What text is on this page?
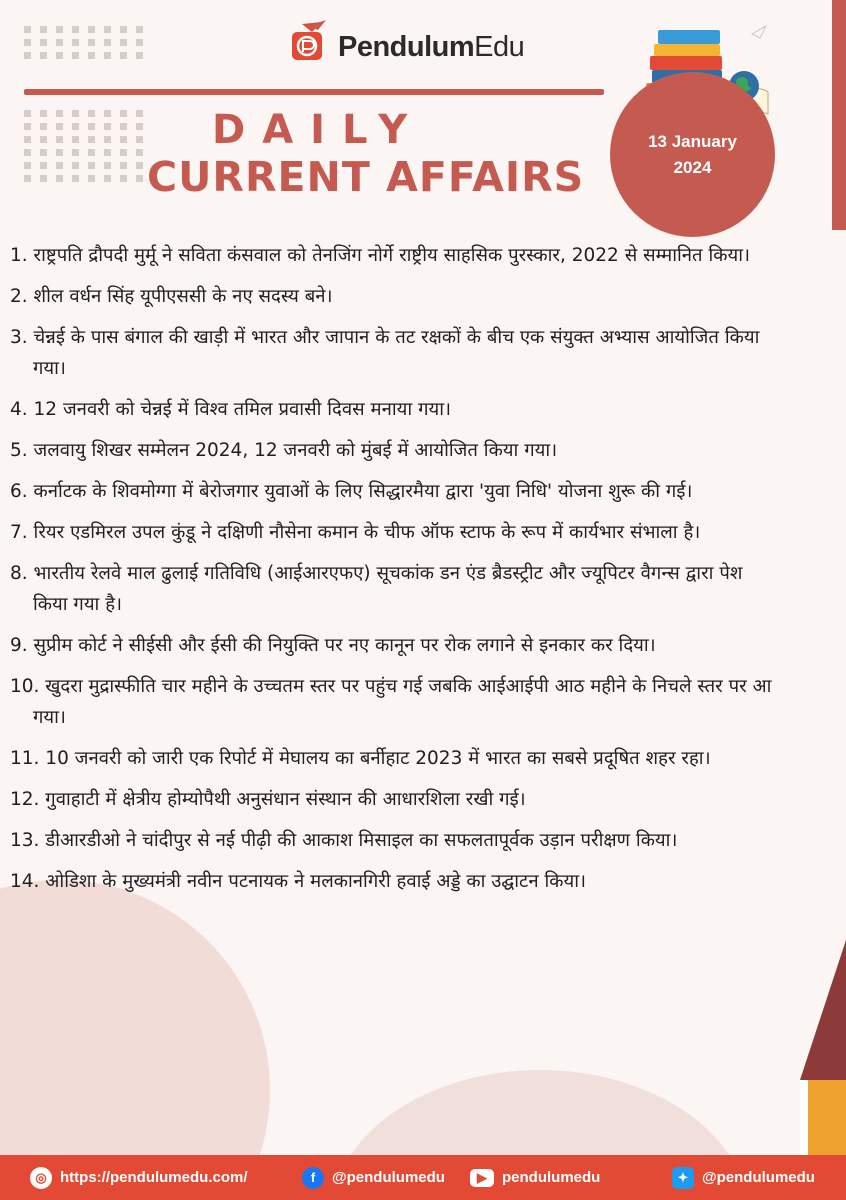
PendulumEdu
DAILY
CURRENT AFFAIRS
13 January
2024

1. राष्ट्रपति द्रौपदी मुर्मू ने सविता कंसवाल को तेनजिंग नोर्गे राष्ट्रीय साहसिक पुरस्कार, 2022 से सम्मानित किया।

2. शील वर्धन सिंह यूपीएससी के नए सदस्य बने।

3. चेन्नई के पास बंगाल की खाड़ी में भारत और जापान के तट रक्षकों के बीच एक संयुक्त अभ्यास आयोजित किया गया।

4. 12 जनवरी को चेन्नई में विश्व तमिल प्रवासी दिवस मनाया गया।

5. जलवायु शिखर सम्मेलन 2024, 12 जनवरी को मुंबई में आयोजित किया गया।

6. कर्नाटक के शिवमोग्गा में बेरोजगार युवाओं के लिए सिद्धारमैया द्वारा 'युवा निधि' योजना शुरू की गई।

7. रियर एडमिरल उपल कुंडू ने दक्षिणी नौसेना कमान के चीफ ऑफ स्टाफ के रूप में कार्यभार संभाला है।

8. भारतीय रेलवे माल ढुलाई गतिविधि (आईआरएफए) सूचकांक डन एंड ब्रैडस्ट्रीट और ज्यूपिटर वैगन्स द्वारा पेश किया गया है।

9. सुप्रीम कोर्ट ने सीईसी और ईसी की नियुक्ति पर नए कानून पर रोक लगाने से इनकार कर दिया।

10. खुदरा मुद्रास्फीति चार महीने के उच्चतम स्तर पर पहुंच गई जबकि आईआईपी आठ महीने के निचले स्तर पर आ गया।

11. 10 जनवरी को जारी एक रिपोर्ट में मेघालय का बर्नीहाट 2023 में भारत का सबसे प्रदूषित शहर रहा।

12. गुवाहाटी में क्षेत्रीय होम्योपैथी अनुसंधान संस्थान की आधारशिला रखी गई।

13. डीआरडीओ ने चांदीपुर से नई पीढ़ी की आकाश मिसाइल का सफलतापूर्वक उड़ान परीक्षण किया।

14. ओडिशा के मुख्यमंत्री नवीन पटनायक ने मलकानगिरी हवाई अड्डे का उद्घाटन किया।

◎ https://pendulumedu.com/	f	@pendulumedu	▶	pendulumedu	✦ @pendulumedu
